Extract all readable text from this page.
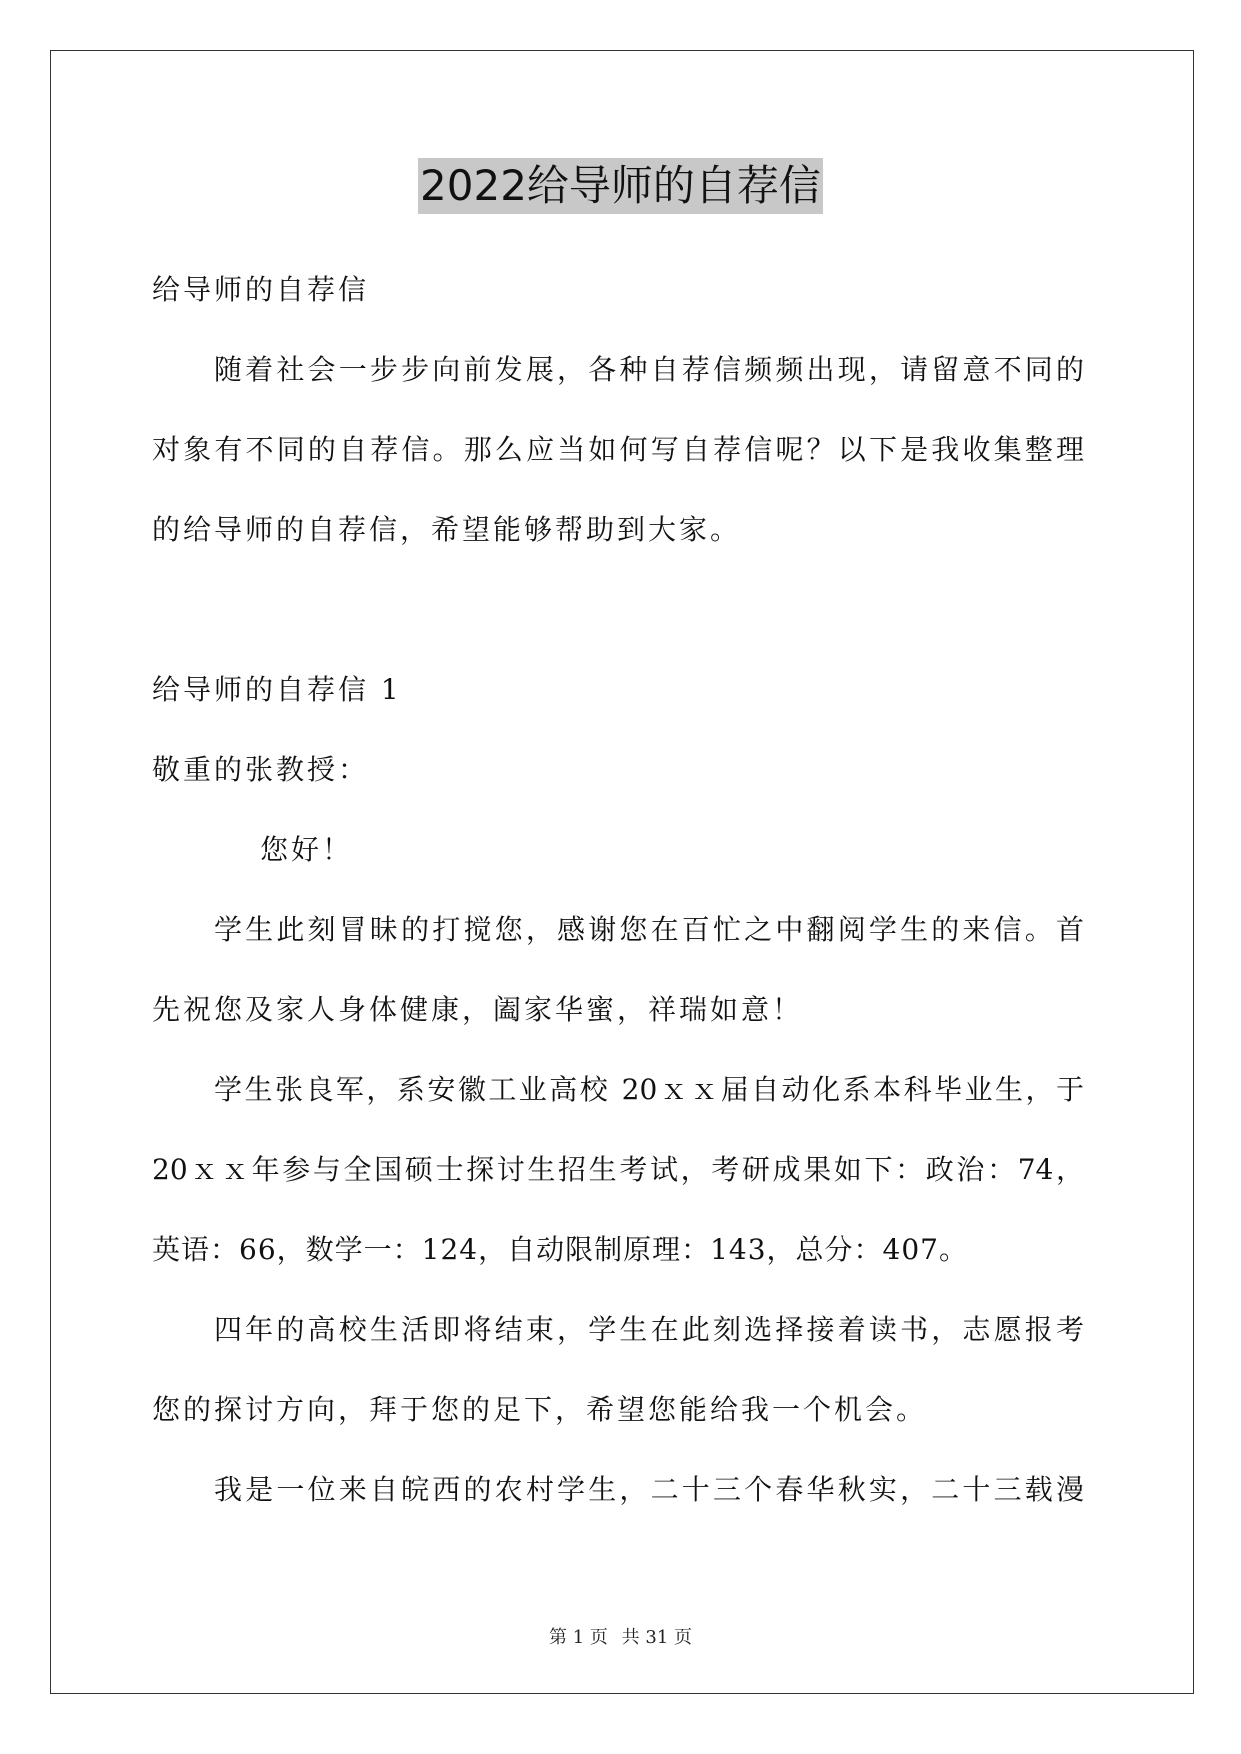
2022给导师的自荐信
给导师的自荐信
随着社会一步步向前发展，各种自荐信频频出现，请留意不同的
对象有不同的自荐信。那么应当如何写自荐信呢？以下是我收集整理
的给导师的自荐信，希望能够帮助到大家。
给导师的自荐信 1
敬重的张教授：
您好！
学生此刻冒昧的打搅您，感谢您在百忙之中翻阅学生的来信。首
先祝您及家人身体健康，阖家华蜜，祥瑞如意！
学生张良军，系安徽工业高校 20ｘｘ届自动化系本科毕业生，于
20ｘｘ年参与全国硕士探讨生招生考试，考研成果如下：政治：74，
英语：66，数学一：124，自动限制原理：143，总分：407。
四年的高校生活即将结束，学生在此刻选择接着读书，志愿报考
您的探讨方向，拜于您的足下，希望您能给我一个机会。
我是一位来自皖西的农村学生，二十三个春华秋实，二十三载漫
第 1 页 共 31 页
